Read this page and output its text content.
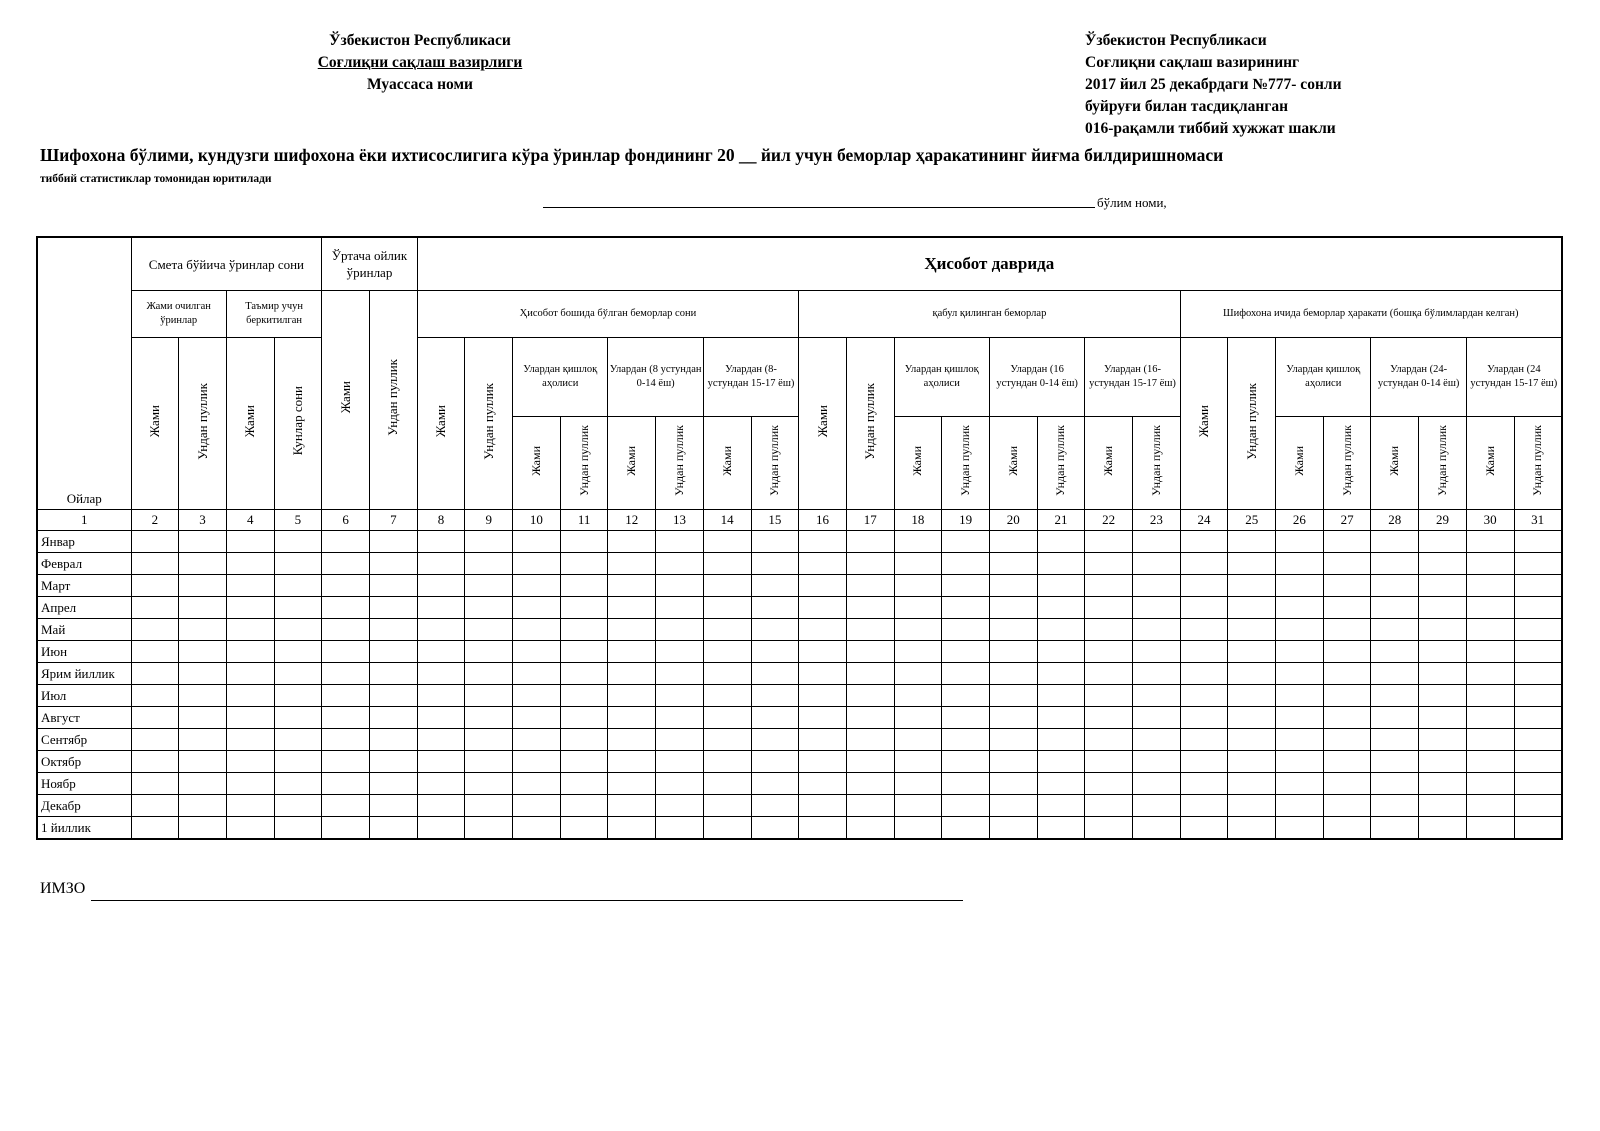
Ўзбекистон Республикаси
Соғлиқни сақлаш вазирлиги
Муассаса номи
Ўзбекистон Республикаси
Соғлиқни сақлаш вазирининг
2017 йил 25 декабрдаги №777- сонли
буйруғи билан тасдиқланган
016-рақамли тиббий хужжат шакли
Шифохона бўлими, кундузги шифохона ёки ихтисослигига кўра ўринлар фондининг 20 __ йил учун беморлар ҳаракатининг йиғма билдиришномаси
тиббий статистиклар томонидан юритилади
бўлим номи,
Ойлар	Смета бўйича ўринлар сони				Ўртача ойлик ўринлар		Ҳисобот даврида																							
	Жами очилган ўринлар		Таъмир учун беркитилган		Жами	Ундан пуллик	Ҳисобот бошида бўлган беморлар сони								қабул қилинган беморлар								Шифохона ичида беморлар ҳаракати (бошқа бўлимлардан келган)							
	Жами	Ундан пуллик	Жами	Кунлар сони			Жами	Ундан пуллик	Улардан қишлоқ аҳолиси		Улардан (8 устундан 0-14 ёш)		Улардан (8- устундан 15-17 ёш)		Жами	Ундан пуллик	Улардан қишлоқ аҳолиси		Улардан (16 устундан 0-14 ёш)		Улардан (16- устундан 15-17 ёш)		Жами	Ундан пуллик	Улардан қишлоқ аҳолиси		Улардан (24- устундан 0-14 ёш)		Улардан (24 устундан 15-17 ёш)	
									Жами	Ундан пуллик	Жами	Ундан пуллик	Жами	Ундан пуллик			Жами	Ундан пуллик	Жами	Ундан пуллик	Жами	Ундан пуллик			Жами	Ундан пуллик	Жами	Ундан пуллик	Жами	Ундан пуллик
1	2	3	4	5	6	7	8	9	10	11	12	13	14	15	16	17	18	19	20	21	22	23	24	25	26	27	28	29	30	31
Январ																														
Феврал																														
Март																														
Апрел																														
Май																														
Июн																														
Ярим йиллик																														
Июл																														
Август																														
Сентябр																														
Октябр																														
Ноябр																														
Декабр																														
1 йиллик																														
ИМЗО
